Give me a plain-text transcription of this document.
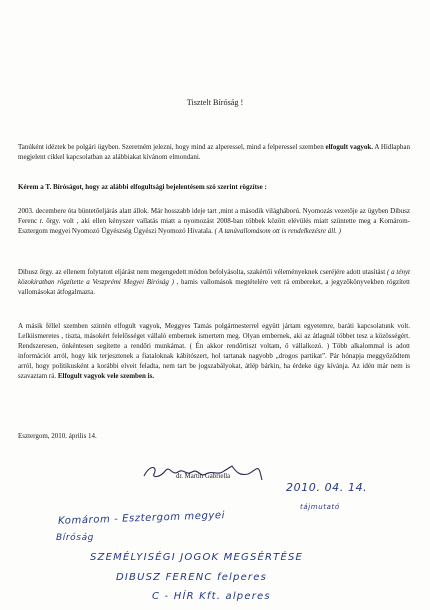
Tisztelt Bíróság !

Tanúként idéztek be polgári ügyben. Szeretném jelezni, hogy mind az alperessel, mind a felperessel szemben elfogult vagyok. A Hídlapban megjelent cikkel kapcsolatban az alábbiakat kívánom elmondani.

Kérem a T. Bíróságot, hogy az alábbi elfogultsági bejelentésem szó szerint rögzítse :

2003. decembere óta büntetőeljárás alatt állok. Már hosszabb ideje tart ,mint a második világháború. Nyomozás vezetője az ügyben Dibusz Ferenc r. őrgy. volt , aki ellen kényszer vallatás miatt a nyomozást 2008-ban többek között elévülés miatt szüntette meg a Komárom-Esztergom megyei Nyomozó Ügyészség Ügyészi Nyomozó Hivatala. ( A tanúvallomásom ott is rendelkezésre áll. )

Dibusz őrgy. az ellenem folytatott eljárást nem megengedett módon befolyásolta, szakértői véleményeknek cseréjére adott utasítást ( a tényt közokiratban rögzítette a Veszprémi Megyei Bíróság ) , hamis vallomások megtételére vett rá embereket, a jegyzőkönyvekben rögzített vallomásokat átfogalmazta.

A másik féllel szemben szintén elfogult vagyok, Meggyes Tamás polgármesterrel együtt jártam egyetemre, baráti kapcsolatunk volt. Lelkiismeretes , tiszta, másokért felelősséget vállaló embernek ismertem meg. Olyan embernek, aki az átlagnál többet tesz a közösségért. Rendszeresen, önkéntesen segítette a rendőri munkámat. ( Én akkor rendőrtiszt voltam, ő vállalkozó. ) Több alkalommal is adott információt arról, hogy kik terjesztenek a fiataloknak kábítószert, hol tartanak nagyobb „drogos partikat”. Pár hónapja meggyőződtem arról, hogy politikusként a korábbi elveit feladta, nem tart be jogszabályokat, átlép bárkin, ha érdeke úgy kívánja. Az idén már nem is szavaztam rá. Elfogult vagyok vele szemben is.

Esztergom, 2010. április 14.

dr. Martin Gabriella
2010. 04. 14.
tájmutató
Komárom - Esztergom megyei
Bíróság
SZEMÉLYISÉGI JOGOK MEGSÉRTÉSE
DIBUSZ FERENC felperes
C - HÍR Kft. alperes
